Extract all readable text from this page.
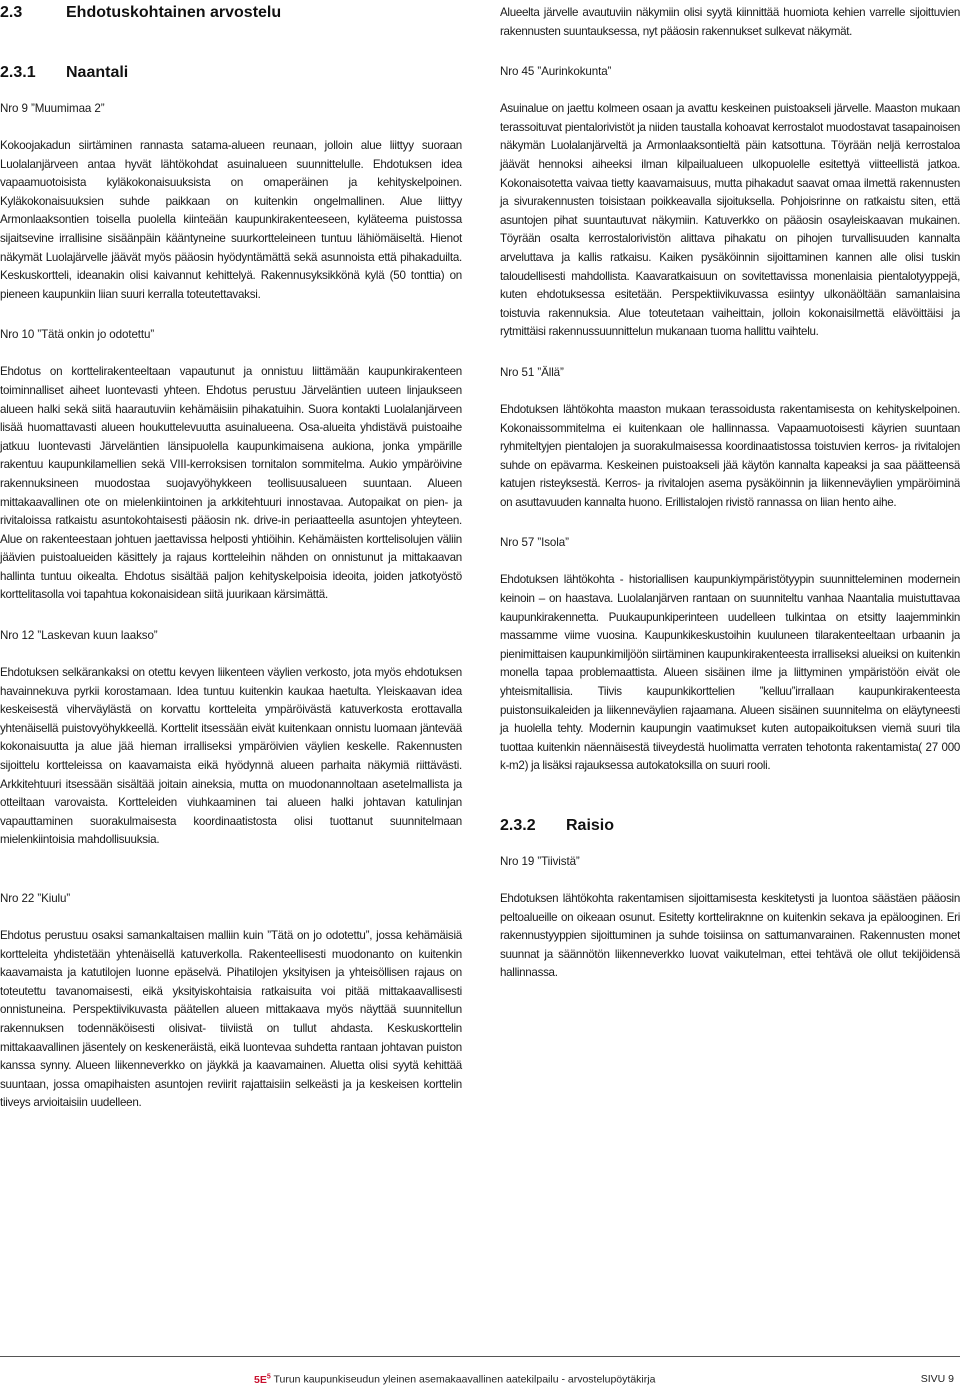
2.3	Ehdotuskohtainen arvostelu
2.3.1	Naantali
Nro 9 ”Muumimaa 2”

Kokoojakadun siirtäminen rannasta satama-alueen reunaan, jolloin alue liittyy suoraan Luolalanjärveen antaa hyvät lähtökohdat asuinalueen suunnittelulle. Ehdotuksen idea vapaamuotoisista kyläkokonaisuuksista on omaperäinen ja kehityskelpoinen. Kyläkokonaisuuksien suhde paikkaan on kuitenkin ongelmallinen. Alue liittyy Armonlaaksontien toisella puolella kiinteään kaupunkirakenteeseen, kyläteema puistossa sijaitsevine irrallisine sisäänpäin kääntyneine suurkortteleineen tuntuu lähiömäiseltä. Hienot näkymät Luolajärvelle jäävät myös pääosin hyödyntämättä sekä asunnoista että pihakaduilta. Keskuskortteli, ideanakin olisi kaivannut kehittelyä. Rakennusyksikkönä kylä (50 tonttia) on pieneen kaupunkiin liian suuri kerralla toteutettavaksi.

Nro 10 ”Tätä onkin jo odotettu”

Ehdotus on korttelirakenteeltaan vapautunut ja onnistuu liittämään kaupunkirakenteen toiminnalliset aiheet luontevasti yhteen. Ehdotus perustuu Järveläntien uuteen linjaukseen alueen halki sekä siitä haarautuviin kehämäisiin pihakatuihin. Suora kontakti Luolalanjärveen lisää huomattavasti alueen houkuttelevuutta asuinalueena. Osa-alueita yhdistävä puistoaihe jatkuu luontevasti Järveläntien länsipuolella kaupunkimaisena aukiona, jonka ympärille rakentuu kaupunkilamellien sekä VIII-kerroksisen tornitalon sommitelma. Aukio ympäröivine rakennuksineen muodostaa suojavyöhykkeen teollisuusalueen suuntaan. Alueen mittakaavallinen ote on mielenkiintoinen ja arkkitehtuuri innostavaa. Autopaikat on pien- ja rivitaloissa ratkaistu asuntokohtaisesti pääosin nk. drive-in periaatteella asuntojen yhteyteen. Alue on rakenteestaan johtuen jaettavissa helposti yhtiöihin. Kehämäisten korttelisolujen väliin jäävien puistoalueiden käsittely ja rajaus kortteleihin nähden on onnistunut ja mittakaavan hallinta tuntuu oikealta. Ehdotus sisältää paljon kehityskelpoisia ideoita, joiden jatkotyöstö korttelitasolla voi tapahtua kokonaisidean siitä juurikaan kärsimättä.

Nro 12 ”Laskevan kuun laakso”

Ehdotuksen selkärankaksi on otettu kevyen liikenteen väylien verkosto, jota myös ehdotuksen havainnekuva pyrkii korostamaan. Idea tuntuu kuitenkin kaukaa haetulta. Yleiskaavan idea keskeisestä viherväylästä on korvattu kortteleita ympäröivästä katuverkosta erottavalla yhtenäisellä puistovyöhykkeellä. Korttelit itsessään eivät kuitenkaan onnistu luomaan jäntevää kokonaisuutta ja alue jää hieman irralliseksi ympäröivien väylien keskelle. Rakennusten sijoittelu kortteleissa on kaavamaista eikä hyödynnä alueen parhaita näkymiä riittävästi. Arkkitehtuuri itsessään sisältää joitain aineksia, mutta on muodonannoltaan asetelmallista ja otteiltaan varovaista. Kortteleiden viuhkaaminen tai alueen halki johtavan katulinjan vapauttaminen suorakulmaisesta koordinaatistosta olisi tuottanut suunnitelmaan mielenkiintoisia mahdollisuuksia.

Nro 22 ”Kiulu”

Ehdotus perustuu osaksi samankaltaisen malliin kuin ”Tätä on jo odotettu”, jossa kehämäisiä kortteleita yhdistetään yhtenäisellä katuverkolla. Rakenteellisesti muodonanto on kuitenkin kaavamaista ja katutilojen luonne epäselvä. Pihatilojen yksityisen ja yhteisöllisen rajaus on toteutettu tavanomaisesti, eikä yksityiskohtaisia ratkaisuita voi pitää mittakaavallisesti onnistuneina. Perspektiivikuvasta päätellen alueen mittakaava myös näyttää suunnitellun rakennuksen todennäköisesti olisivat- tiiviistä on tullut ahdasta. Keskuskorttelin mittakaavallinen jäsentely on keskeneräistä, eikä luontevaa suhdetta rantaan johtavan puiston kanssa synny. Alueen liikenneverkko on jäykkä ja kaavamainen. Aluetta olisi syytä kehittää suuntaan, jossa omapihaisten asuntojen reviirit rajattaisiin selkeästi ja ja keskeisen korttelin tiiveys arvioitaisiin uudelleen.

Alueelta järvelle avautuviin näkymiin olisi syytä kiinnittää huomiota kehien varrelle sijoittuvien rakennusten suuntauksessa, nyt pääosin rakennukset sulkevat näkymät.

Nro 45 ”Aurinkokunta”

Asuinalue on jaettu kolmeen osaan ja avattu keskeinen puistoakseli järvelle. Maaston mukaan terassoituvat pientalorivistöt ja niiden taustalla kohoavat kerrostalot muodostavat tasapainoisen näkymän Luolalanjärveltä ja Armonlaaksontieltä päin katsottuna. Töyrään neljä kerrostaloa jäävät hennoksi aiheeksi ilman kilpailualueen ulkopuolelle esitettyä viitteellistä jatkoa. Kokonaisotetta vaivaa tietty kaavamaisuus, mutta pihakadut saavat omaa ilmettä rakennusten ja sivurakennusten toisistaan poikkeavalla sijoituksella. Pohjoisrinne on ratkaistu siten, että asuntojen pihat suuntautuvat näkymiin. Katuverkko on pääosin osayleiskaavan mukainen. Töyrään osalta kerrostalorivistön alittava pihakatu on pihojen turvallisuuden kannalta arveluttava ja kallis ratkaisu. Kaiken pysäköinnin sijoittaminen kannen alle olisi tuskin taloudellisesti mahdollista. Kaavaratkaisuun on sovitettavissa monenlaisia pientalotyyppejä, kuten ehdotuksessa esitetään. Perspektiivikuvassa esiintyy ulkonäöltään samanlaisina toistuvia rakennuksia. Alue toteutetaan vaiheittain, jolloin kokonaisilmettä elävöittäisi ja rytmittäisi rakennussuunnittelun mukanaan tuoma hallittu vaihtelu.

Nro 51 ”Ällä”

Ehdotuksen lähtökohta maaston mukaan terassoidusta rakentamisesta on kehityskelpoinen. Kokonaissommitelma ei kuitenkaan ole hallinnassa. Vapaamuotoisesti käyrien suuntaan ryhmiteltyjen pientalojen ja suorakulmaisessa koordinaatistossa toistuvien kerros- ja rivitalojen suhde on epävarma. Keskeinen puistoakseli jää käytön kannalta kapeaksi ja saa päätteensä katujen risteyksestä. Kerros- ja rivitalojen asema pysäköinnin ja liikenneväylien ympäröiminä on asuttavuuden kannalta huono. Erillistalojen rivistö rannassa on liian hento aihe.

Nro 57 ”Isola”

Ehdotuksen lähtökohta - historiallisen kaupunkiympäristötyypin suunnitteleminen modernein keinoin – on haastava. Luolalanjärven rantaan on suunniteltu vanhaa Naantalia muistuttavaa kaupunkirakennetta. Puukaupunkiperinteen uudelleen tulkintaa on etsitty laajemminkin massamme viime vuosina. Kaupunkikeskustoihin kuuluneen tilarakenteeltaan urbaanin ja pienimittaisen kaupunkimiljöön siirtäminen kaupunkirakenteesta irralliseksi alueiksi on kuitenkin monella tapaa problemaattista. Alueen sisäinen ilme ja liittyminen ympäristöön eivät ole yhteismitallisia. Tiivis kaupunkikorttelien ”kelluu”irrallaan kaupunkirakenteesta puistonsuikaleiden ja liikenneväylien rajaamana. Alueen sisäinen suunnitelma on eläytyneesti ja huolella tehty. Modernin kaupungin vaatimukset kuten autopaikoituksen viemä suuri tila tuottaa kuitenkin näennäisestä tiiveydestä huolimatta verraten tehotonta rakentamista( 27 000 k-m2) ja lisäksi rajauksessa autokatoksilla on suuri rooli.

2.3.2	Raisio
Nro 19 ”Tiivistä”

Ehdotuksen lähtökohta rakentamisen sijoittamisesta keskitetysti ja luontoa säästäen pääosin peltoalueille on oikeaan osunut. Esitetty kortteliraknne on kuitenkin sekava ja epälooginen. Eri rakennustyyppien sijoittuminen ja suhde toisiinsa on sattumanvarainen. Rakennusten monet suunnat ja säännötön liikenneverkko luovat vaikutelman, ettei tehtävä ole ollut tekijöidensä hallinnassa.

$5E^5$ Turun kaupunkiseudun yleinen asemakaavallinen aatekilpailu - arvostelupöytäkirja	SIVU 9
